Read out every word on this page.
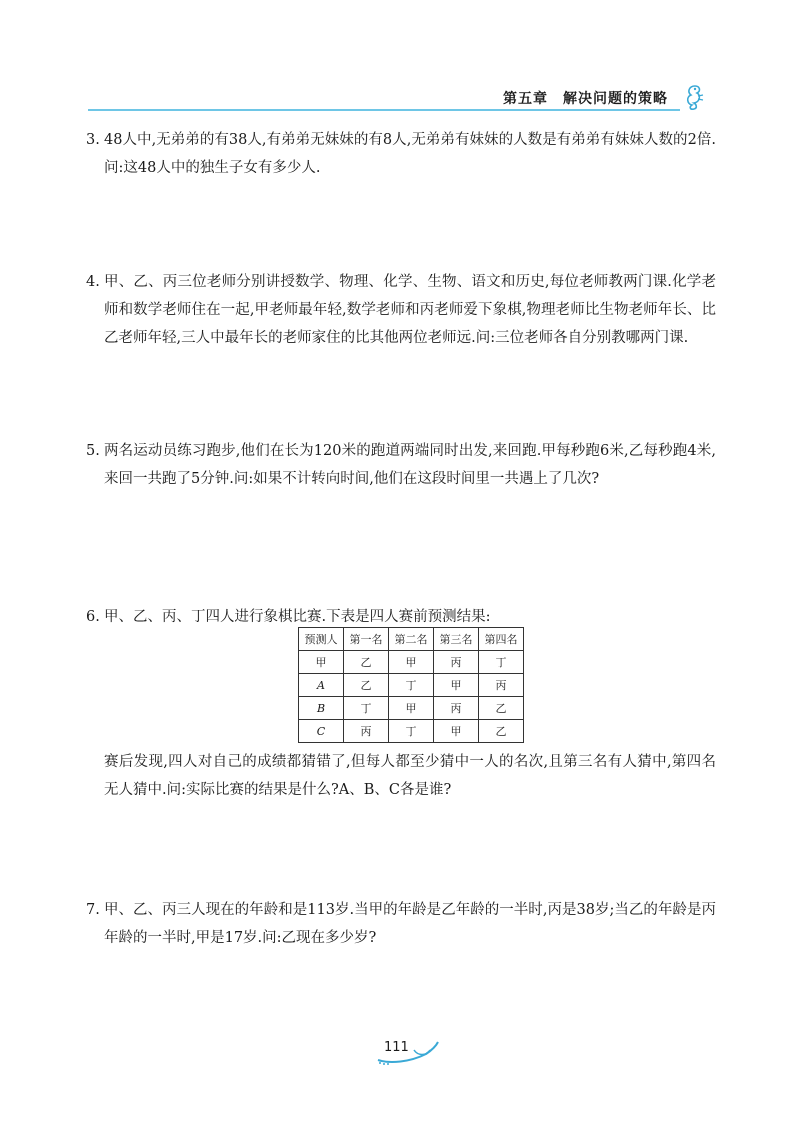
第五章　解决问题的策略
3. 48人中,无弟弟的有38人,有弟弟无妹妹的有8人,无弟弟有妹妹的人数是有弟弟有妹妹人数的2倍.问:这48人中的独生子女有多少人.

4. 甲、乙、丙三位老师分别讲授数学、物理、化学、生物、语文和历史,每位老师教两门课.化学老师和数学老师住在一起,甲老师最年轻,数学老师和丙老师爱下象棋,物理老师比生物老师年长、比乙老师年轻,三人中最年长的老师家住的比其他两位老师远.问:三位老师各自分别教哪两门课.

5. 两名运动员练习跑步,他们在长为120米的跑道两端同时出发,来回跑.甲每秒跑6米,乙每秒跑4米,来回一共跑了5分钟.问:如果不计转向时间,他们在这段时间里一共遇上了几次?

6. 甲、乙、丙、丁四人进行象棋比赛.下表是四人赛前预测结果:

预测人	第一名	第二名	第三名	第四名
甲	乙	甲	丙	丁
A	乙	丁	甲	丙
B	丁	甲	丙	乙
C	丙	丁	甲	乙

赛后发现,四人对自己的成绩都猜错了,但每人都至少猜中一人的名次,且第三名有人猜中,第四名无人猜中.问:实际比赛的结果是什么?A、B、C各是谁?

7. 甲、乙、丙三人现在的年龄和是113岁.当甲的年龄是乙年龄的一半时,丙是38岁;当乙的年龄是丙年龄的一半时,甲是17岁.问:乙现在多少岁?

111
